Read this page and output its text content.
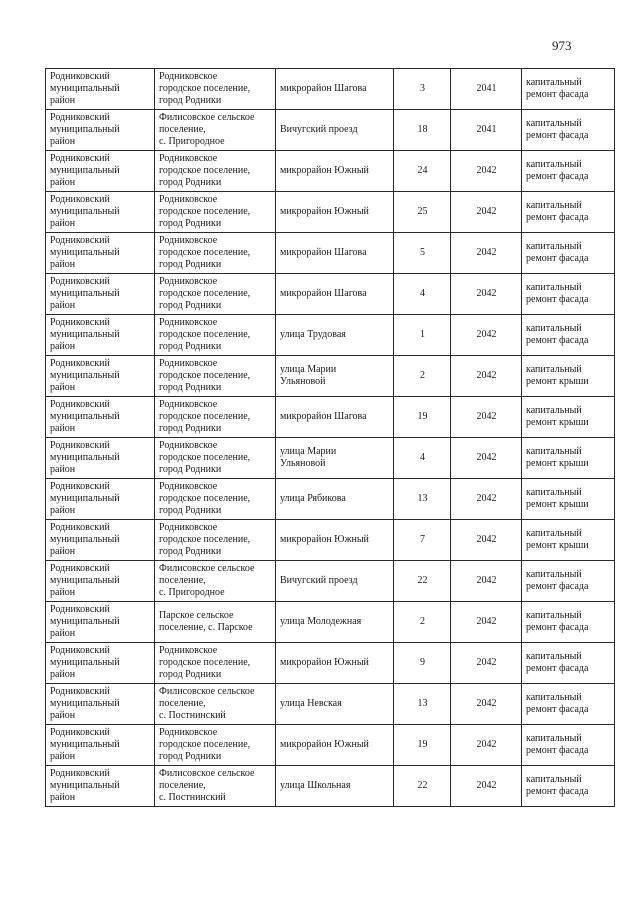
973
Родниковский
муниципальный
район	Родниковское
городское поселение,
город Родники	микрорайон Шагова	3	2041	капитальный
ремонт фасада

Родниковский
муниципальный
район	Филисовское сельское
поселение,
с. Пригородное	Вичугский проезд	18	2041	капитальный
ремонт фасада

Родниковский
муниципальный
район	Родниковское
городское поселение,
город Родники	микрорайон Южный	24	2042	капитальный
ремонт фасада

Родниковский
муниципальный
район	Родниковское
городское поселение,
город Родники	микрорайон Южный	25	2042	капитальный
ремонт фасада

Родниковский
муниципальный
район	Родниковское
городское поселение,
город Родники	микрорайон Шагова	5	2042	капитальный
ремонт фасада

Родниковский
муниципальный
район	Родниковское
городское поселение,
город Родники	микрорайон Шагова	4	2042	капитальный
ремонт фасада

Родниковский
муниципальный
район	Родниковское
городское поселение,
город Родники	улица Трудовая	1	2042	капитальный
ремонт фасада

Родниковский
муниципальный
район	Родниковское
городское поселение,
город Родники	улица Марии
Ульяновой	2	2042	капитальный
ремонт крыши

Родниковский
муниципальный
район	Родниковское
городское поселение,
город Родники	микрорайон Шагова	19	2042	капитальный
ремонт крыши

Родниковский
муниципальный
район	Родниковское
городское поселение,
город Родники	улица Марии
Ульяновой	4	2042	капитальный
ремонт крыши

Родниковский
муниципальный
район	Родниковское
городское поселение,
город Родники	улица Рябикова	13	2042	капитальный
ремонт крыши

Родниковский
муниципальный
район	Родниковское
городское поселение,
город Родники	микрорайон Южный	7	2042	капитальный
ремонт крыши

Родниковский
муниципальный
район	Филисовское сельское
поселение,
с. Пригородное	Вичугский проезд	22	2042	капитальный
ремонт фасада

Родниковский
муниципальный
район	Парское сельское
поселение, с. Парское	улица Молодежная	2	2042	капитальный
ремонт фасада

Родниковский
муниципальный
район	Родниковское
городское поселение,
город Родники	микрорайон Южный	9	2042	капитальный
ремонт фасада

Родниковский
муниципальный
район	Филисовское сельское
поселение,
с. Постнинский	улица Невская	13	2042	капитальный
ремонт фасада

Родниковский
муниципальный
район	Родниковское
городское поселение,
город Родники	микрорайон Южный	19	2042	капитальный
ремонт фасада

Родниковский
муниципальный
район	Филисовское сельское
поселение,
с. Постнинский	улица Школьная	22	2042	капитальный
ремонт фасада
